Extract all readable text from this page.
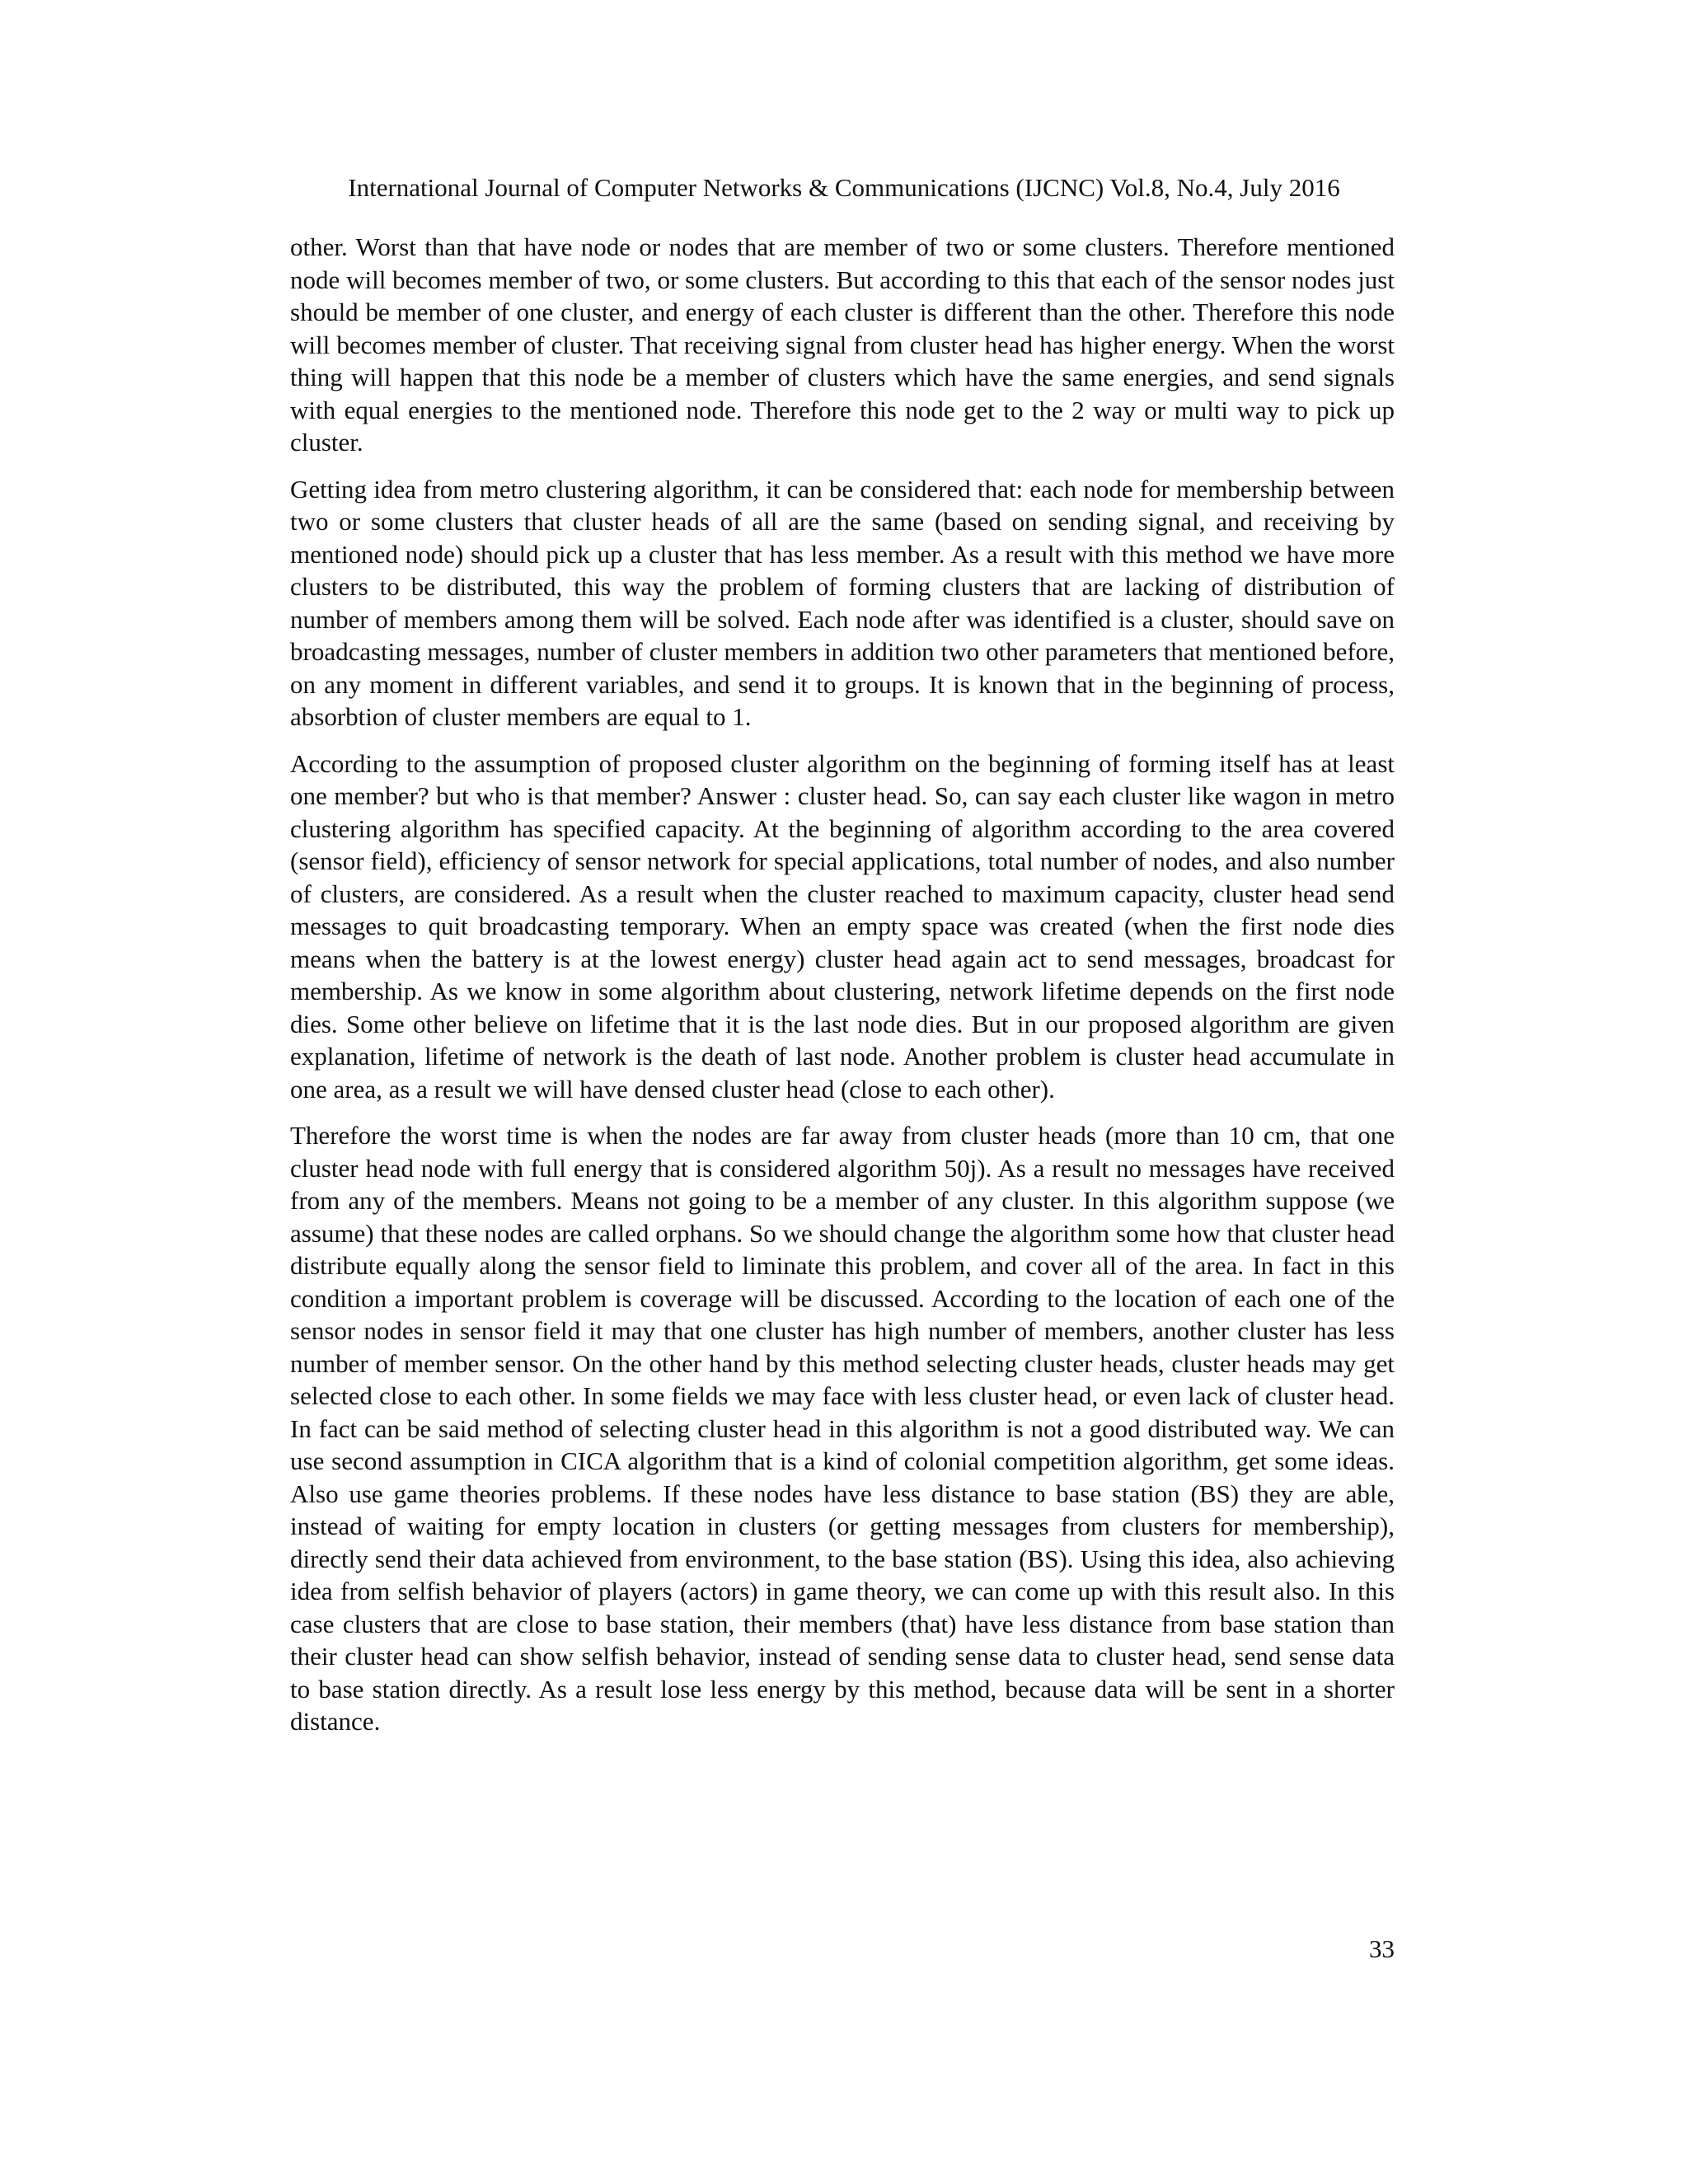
International Journal of Computer Networks & Communications (IJCNC) Vol.8, No.4, July 2016

other. Worst than that have node or nodes that are member of two or some clusters. Therefore mentioned node will becomes member of two, or some clusters. But according to this that each of the sensor nodes just should be member of one cluster, and energy of each cluster is different than the other. Therefore this node will becomes member of cluster. That receiving signal from cluster head has higher energy. When the worst thing will happen that this node be a member of clusters which have the same energies, and send signals with equal energies to the mentioned node. Therefore this node get to the 2 way or multi way to pick up cluster.

Getting idea from metro clustering algorithm, it can be considered that: each node for membership between two or some clusters that cluster heads of all are the same (based on sending signal, and receiving by mentioned node) should pick up a cluster that has less member. As a result with this method we have more clusters to be distributed, this way the problem of forming clusters that are lacking of distribution of number of members among them will be solved. Each node after was identified is a cluster, should save on broadcasting messages, number of cluster members in addition two other parameters that mentioned before, on any moment in different variables, and send it to groups. It is known that in the beginning of process, absorbtion of cluster members are equal to 1.

According to the assumption of proposed cluster algorithm on the beginning of forming itself has at least one member? but who is that member? Answer : cluster head. So, can say each cluster like wagon in metro clustering algorithm has specified capacity. At the beginning of algorithm according to the area covered (sensor field), efficiency of sensor network for special applications, total number of nodes, and also number of clusters, are considered. As a result when the cluster reached to maximum capacity, cluster head send messages to quit broadcasting temporary. When an empty space was created (when the first node dies means when the battery is at the lowest energy) cluster head again act to send messages, broadcast for membership. As we know in some algorithm about clustering, network lifetime depends on the first node dies. Some other believe on lifetime that it is the last node dies. But in our proposed algorithm are given explanation, lifetime of network is the death of last node. Another problem is cluster head accumulate in one area, as a result we will have densed cluster head (close to each other).

Therefore the worst time is when the nodes are far away from cluster heads (more than 10 cm, that one cluster head node with full energy that is considered algorithm 50j). As a result no messages have received from any of the members. Means not going to be a member of any cluster. In this algorithm suppose (we assume) that these nodes are called orphans. So we should change the algorithm some how that cluster head distribute equally along the sensor field to liminate this problem, and cover all of the area. In fact in this condition a important problem is coverage will be discussed. According to the location of each one of the sensor nodes in sensor field it may that one cluster has high number of members, another cluster has less number of member sensor. On the other hand by this method selecting cluster heads, cluster heads may get selected close to each other. In some fields we may face with less cluster head, or even lack of cluster head. In fact can be said method of selecting cluster head in this algorithm is not a good distributed way. We can use second assumption in CICA algorithm that is a kind of colonial competition algorithm, get some ideas. Also use game theories problems. If these nodes have less distance to base station (BS) they are able, instead of waiting for empty location in clusters (or getting messages from clusters for membership), directly send their data achieved from environment, to the base station (BS). Using this idea, also achieving idea from selfish behavior of players (actors) in game theory, we can come up with this result also. In this case clusters that are close to base station, their members (that) have less distance from base station than their cluster head can show selfish behavior, instead of sending sense data to cluster head, send sense data to base station directly. As a result lose less energy by this method, because data will be sent in a shorter distance.

33
